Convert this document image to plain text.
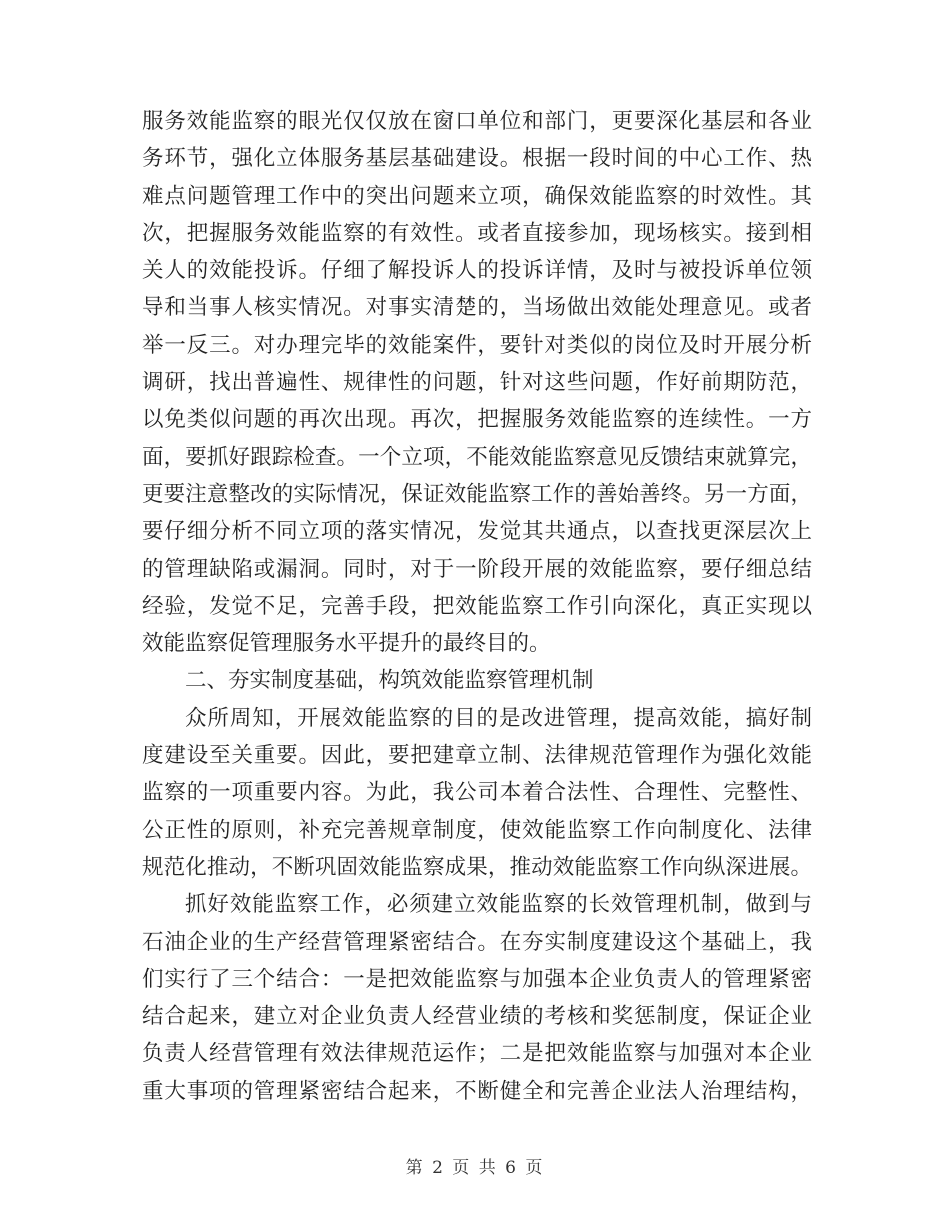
服务效能监察的眼光仅仅放在窗口单位和部门，更要深化基层和各业
务环节，强化立体服务基层基础建设。根据一段时间的中心工作、热
难点问题管理工作中的突出问题来立项，确保效能监察的时效性。其
次，把握服务效能监察的有效性。或者直接参加，现场核实。接到相
关人的效能投诉。仔细了解投诉人的投诉详情，及时与被投诉单位领
导和当事人核实情况。对事实清楚的，当场做出效能处理意见。或者
举一反三。对办理完毕的效能案件，要针对类似的岗位及时开展分析
调研，找出普遍性、规律性的问题，针对这些问题，作好前期防范，
以免类似问题的再次出现。再次，把握服务效能监察的连续性。一方
面，要抓好跟踪检查。一个立项，不能效能监察意见反馈结束就算完，
更要注意整改的实际情况，保证效能监察工作的善始善终。另一方面，
要仔细分析不同立项的落实情况，发觉其共通点，以查找更深层次上
的管理缺陷或漏洞。同时，对于一阶段开展的效能监察，要仔细总结
经验，发觉不足，完善手段，把效能监察工作引向深化，真正实现以
效能监察促管理服务水平提升的最终目的。
二、夯实制度基础，构筑效能监察管理机制
众所周知，开展效能监察的目的是改进管理，提高效能，搞好制
度建设至关重要。因此，要把建章立制、法律规范管理作为强化效能
监察的一项重要内容。为此，我公司本着合法性、合理性、完整性、
公正性的原则，补充完善规章制度，使效能监察工作向制度化、法律
规范化推动，不断巩固效能监察成果，推动效能监察工作向纵深进展。
抓好效能监察工作，必须建立效能监察的长效管理机制，做到与
石油企业的生产经营管理紧密结合。在夯实制度建设这个基础上，我
们实行了三个结合：一是把效能监察与加强本企业负责人的管理紧密
结合起来，建立对企业负责人经营业绩的考核和奖惩制度，保证企业
负责人经营管理有效法律规范运作；二是把效能监察与加强对本企业
重大事项的管理紧密结合起来，不断健全和完善企业法人治理结构，
第 2 页 共 6 页
